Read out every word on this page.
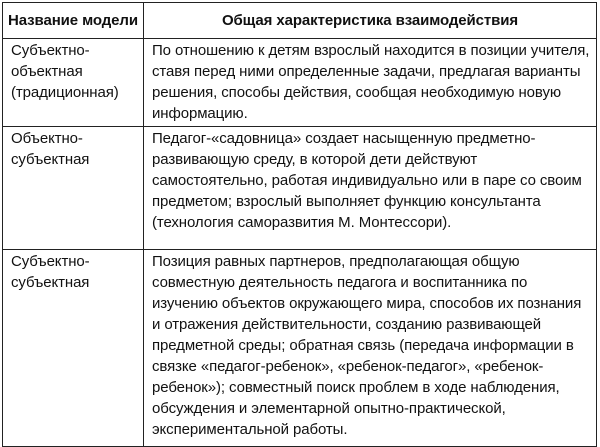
Название модели	Общая характеристика взаимодействия
Субъектно-объектная (традиционная)	По отношению к детям взрослый находится в позиции учителя, ставя перед ними определенные задачи, предлагая варианты решения, способы действия, сообщая необходимую новую информацию.
Объектно-субъектная	Педагог-«садовница» создает насыщенную предметно-развивающую среду, в которой дети действуют самостоятельно, работая индивидуально или в паре со своим предметом; взрослый выполняет функцию консультанта (технология саморазвития М. Монтессори).
Субъектно-субъектная	Позиция равных партнеров, предполагающая общую совместную деятельность педагога и воспитанника по изучению объектов окружающего мира, способов их познания и отражения действительности, созданию развивающей предметной среды; обратная связь (передача информации в связке «педагог-ребенок», «ребенок-педагог», «ребенок-ребенок»); совместный поиск проблем в ходе наблюдения, обсуждения и элементарной опытно-практической, экспериментальной работы.
